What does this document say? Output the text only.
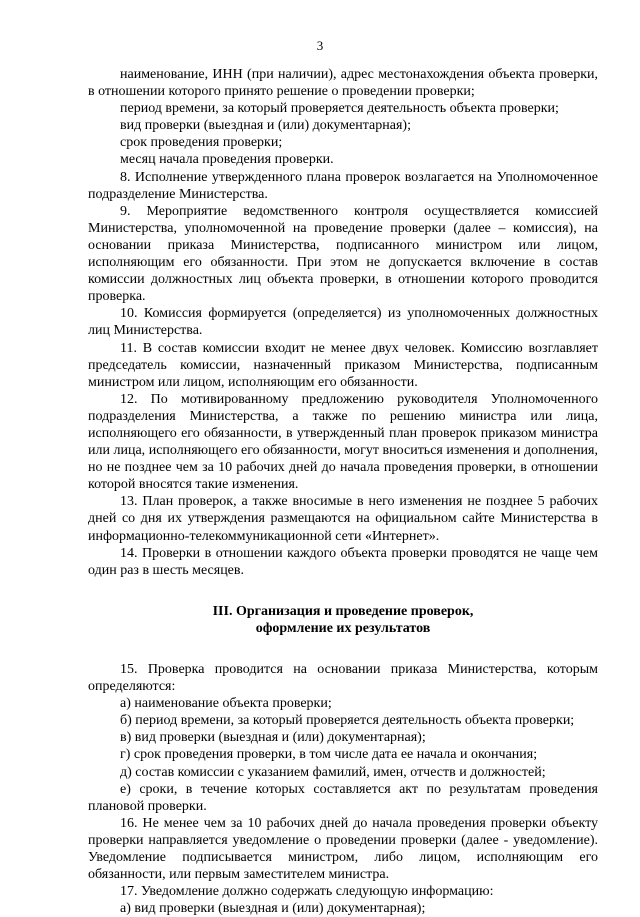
3

наименование, ИНН (при наличии), адрес местонахождения объекта проверки, в отношении которого принято решение о проведении проверки;

период времени, за который проверяется деятельность объекта проверки;

вид проверки (выездная и (или) документарная);

срок проведения проверки;

месяц начала проведения проверки.

8. Исполнение утвержденного плана проверок возлагается на Уполномоченное подразделение Министерства.

9. Мероприятие ведомственного контроля осуществляется комиссией Министерства, уполномоченной на проведение проверки (далее – комиссия), на основании приказа Министерства, подписанного министром или лицом, исполняющим его обязанности. При этом не допускается включение в состав комиссии должностных лиц объекта проверки, в отношении которого проводится проверка.

10. Комиссия формируется (определяется) из уполномоченных должностных лиц Министерства.

11. В состав комиссии входит не менее двух человек. Комиссию возглавляет председатель комиссии, назначенный приказом Министерства, подписанным министром или лицом, исполняющим его обязанности.

12. По мотивированному предложению руководителя Уполномоченного подразделения Министерства, а также по решению министра или лица, исполняющего его обязанности, в утвержденный план проверок приказом министра или лица, исполняющего его обязанности, могут вноситься изменения и дополнения, но не позднее чем за 10 рабочих дней до начала проведения проверки, в отношении которой вносятся такие изменения.

13. План проверок, а также вносимые в него изменения не позднее 5 рабочих дней со дня их утверждения размещаются на официальном сайте Министерства в информационно-телекоммуникационной сети «Интернет».

14. Проверки в отношении каждого объекта проверки проводятся не чаще чем один раз в шесть месяцев.

III. Организация и проведение проверок,
оформление их результатов

15. Проверка проводится на основании приказа Министерства, которым определяются:

а) наименование объекта проверки;

б) период времени, за который проверяется деятельность объекта проверки;

в) вид проверки (выездная и (или) документарная);

г) срок проведения проверки, в том числе дата ее начала и окончания;

д) состав комиссии с указанием фамилий, имен, отчеств и должностей;

е) сроки, в течение которых составляется акт по результатам проведения плановой проверки.

16. Не менее чем за 10 рабочих дней до начала проведения проверки объекту проверки направляется уведомление о проведении проверки (далее - уведомление). Уведомление подписывается министром, либо лицом, исполняющим его обязанности, или первым заместителем министра.

17. Уведомление должно содержать следующую информацию:

а) вид проверки (выездная и (или) документарная);
